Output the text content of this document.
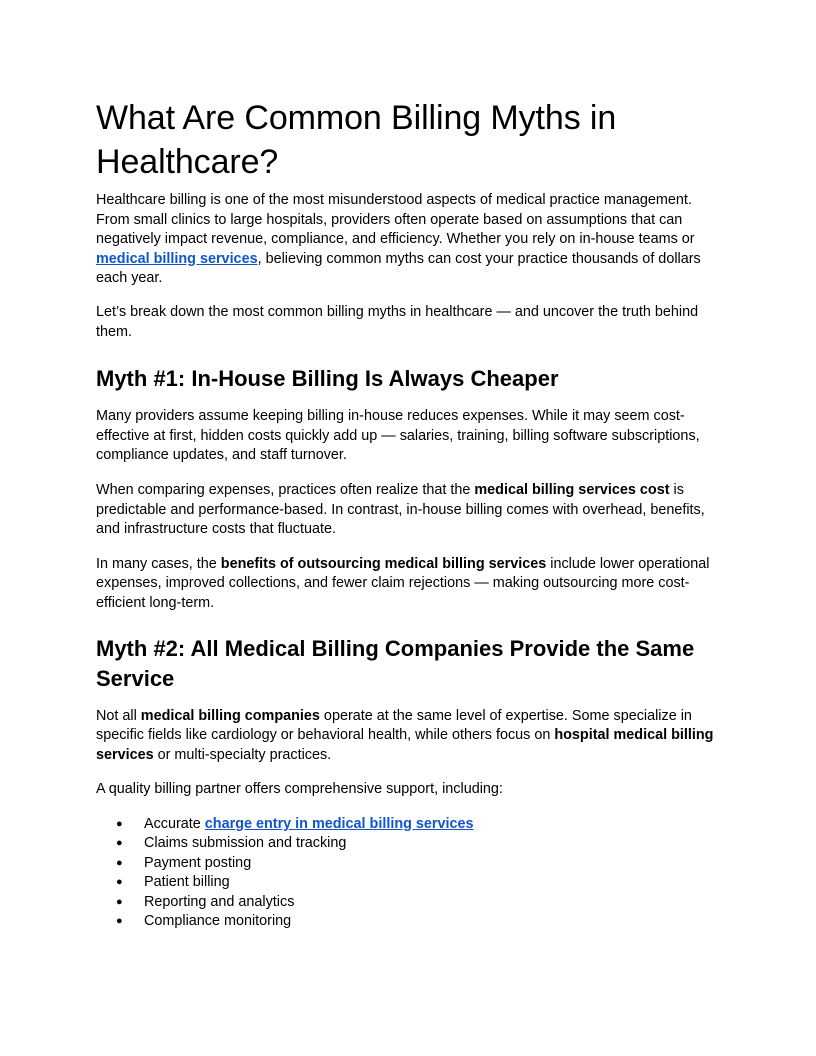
What Are Common Billing Myths in Healthcare?

Healthcare billing is one of the most misunderstood aspects of medical practice management. From small clinics to large hospitals, providers often operate based on assumptions that can negatively impact revenue, compliance, and efficiency. Whether you rely on in-house teams or medical billing services, believing common myths can cost your practice thousands of dollars each year.

Let’s break down the most common billing myths in healthcare — and uncover the truth behind them.

Myth #1: In-House Billing Is Always Cheaper

Many providers assume keeping billing in-house reduces expenses. While it may seem cost-effective at first, hidden costs quickly add up — salaries, training, billing software subscriptions, compliance updates, and staff turnover.

When comparing expenses, practices often realize that the medical billing services cost is predictable and performance-based. In contrast, in-house billing comes with overhead, benefits, and infrastructure costs that fluctuate.

In many cases, the benefits of outsourcing medical billing services include lower operational expenses, improved collections, and fewer claim rejections — making outsourcing more cost-efficient long-term.

Myth #2: All Medical Billing Companies Provide the Same Service

Not all medical billing companies operate at the same level of expertise. Some specialize in specific fields like cardiology or behavioral health, while others focus on hospital medical billing services or multi-specialty practices.

A quality billing partner offers comprehensive support, including:

● Accurate charge entry in medical billing services
● Claims submission and tracking
● Payment posting
● Patient billing
● Reporting and analytics
● Compliance monitoring
